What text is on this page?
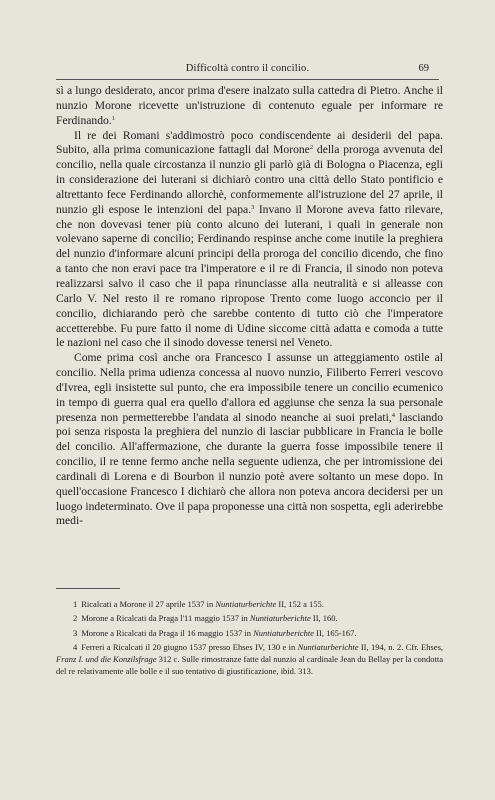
Difficoltà contro il concilio.	69

sì a lungo desiderato, ancor prima d'esere inalzato sulla cattedra di Pietro. Anche il nunzio Morone ricevette un'istruzione di contenuto eguale per informare re Ferdinando.$^1$

Il re dei Romani s'addimostrò poco condiscendente ai desiderii del papa. Subito, alla prima comunicazione fattagli dal Morone$^2$ della proroga avvenuta del concilio, nella quale circostanza il nunzio gli parlò già di Bologna o Piacenza, egli in considerazione dei luterani si dichiarò contro una città dello Stato pontificio e altrettanto fece Ferdinando allorchè, conformemente all'istruzione del 27 aprile, il nunzio gli espose le intenzioni del papa.$^3$ Invano il Morone aveva fatto rilevare, che non dovevasi tener più conto alcuno dei luterani, i quali in generale non volevano saperne di concilio; Ferdinando respinse anche come inutile la preghiera del nunzio d'informare alcuni principi della proroga del concilio dicendo, che fino a tanto che non eravi pace tra l'imperatore e il re di Francia, il sinodo non poteva realizzarsi salvo il caso che il papa rinunciasse alla neutralità e si alleasse con Carlo V. Nel resto il re romano ripropose Trento come luogo acconcio per il concilio, dichiarando però che sarebbe contento di tutto ciò che l'imperatore accetterebbe. Fu pure fatto il nome di Udine siccome città adatta e comoda a tutte le nazioni nel caso che il sinodo dovesse tenersi nel Veneto.

Come prima così anche ora Francesco I assunse un atteggiamento ostile al concilio. Nella prima udienza concessa al nuovo nunzio, Filiberto Ferreri vescovo d'Ivrea, egli insistette sul punto, che era impossibile tenere un concilio ecumenico in tempo di guerra qual era quello d'allora ed aggiunse che senza la sua personale presenza non permetterebbe l'andata al sinodo neanche ai suoi prelati,$^4$ lasciando poi senza risposta la preghiera del nunzio di lasciar pubblicare in Francia le bolle del concilio. All'affermazione, che durante la guerra fosse impossibile tenere il concilio, il re tenne fermo anche nella seguente udienza, che per intromissione dei cardinali di Lorena e di Bourbon il nunzio potè avere soltanto un mese dopo. In quell'occasione Francesco I dichiarò che allora non poteva ancora decidersi per un luogo indeterminato. Ove il papa proponesse una città non sospetta, egli aderirebbe medi-

1 Ricalcati a Morone il 27 aprile 1537 in Nuntiaturberichte II, 152 a 155.

2 Morone a Ricalcati da Praga l'11 maggio 1537 in Nuntiaturberichte II, 160.

3 Morone a Ricalcati da Praga il 16 maggio 1537 in Nuntiaturberichte II, 165-167.

4 Ferreri a Ricalcati il 20 giugno 1537 presso Ehses IV, 130 e in Nuntiaturberichte II, 194, n. 2. Cfr. Ehses, Franz I. und die Konzilsfrage 312 c. Sulle rimostranze fatte dal nunzio al cardinale Jean du Bellay per la condotta del re relativamente alle bolle e il suo tentativo di giustificazione, ibid. 313.
